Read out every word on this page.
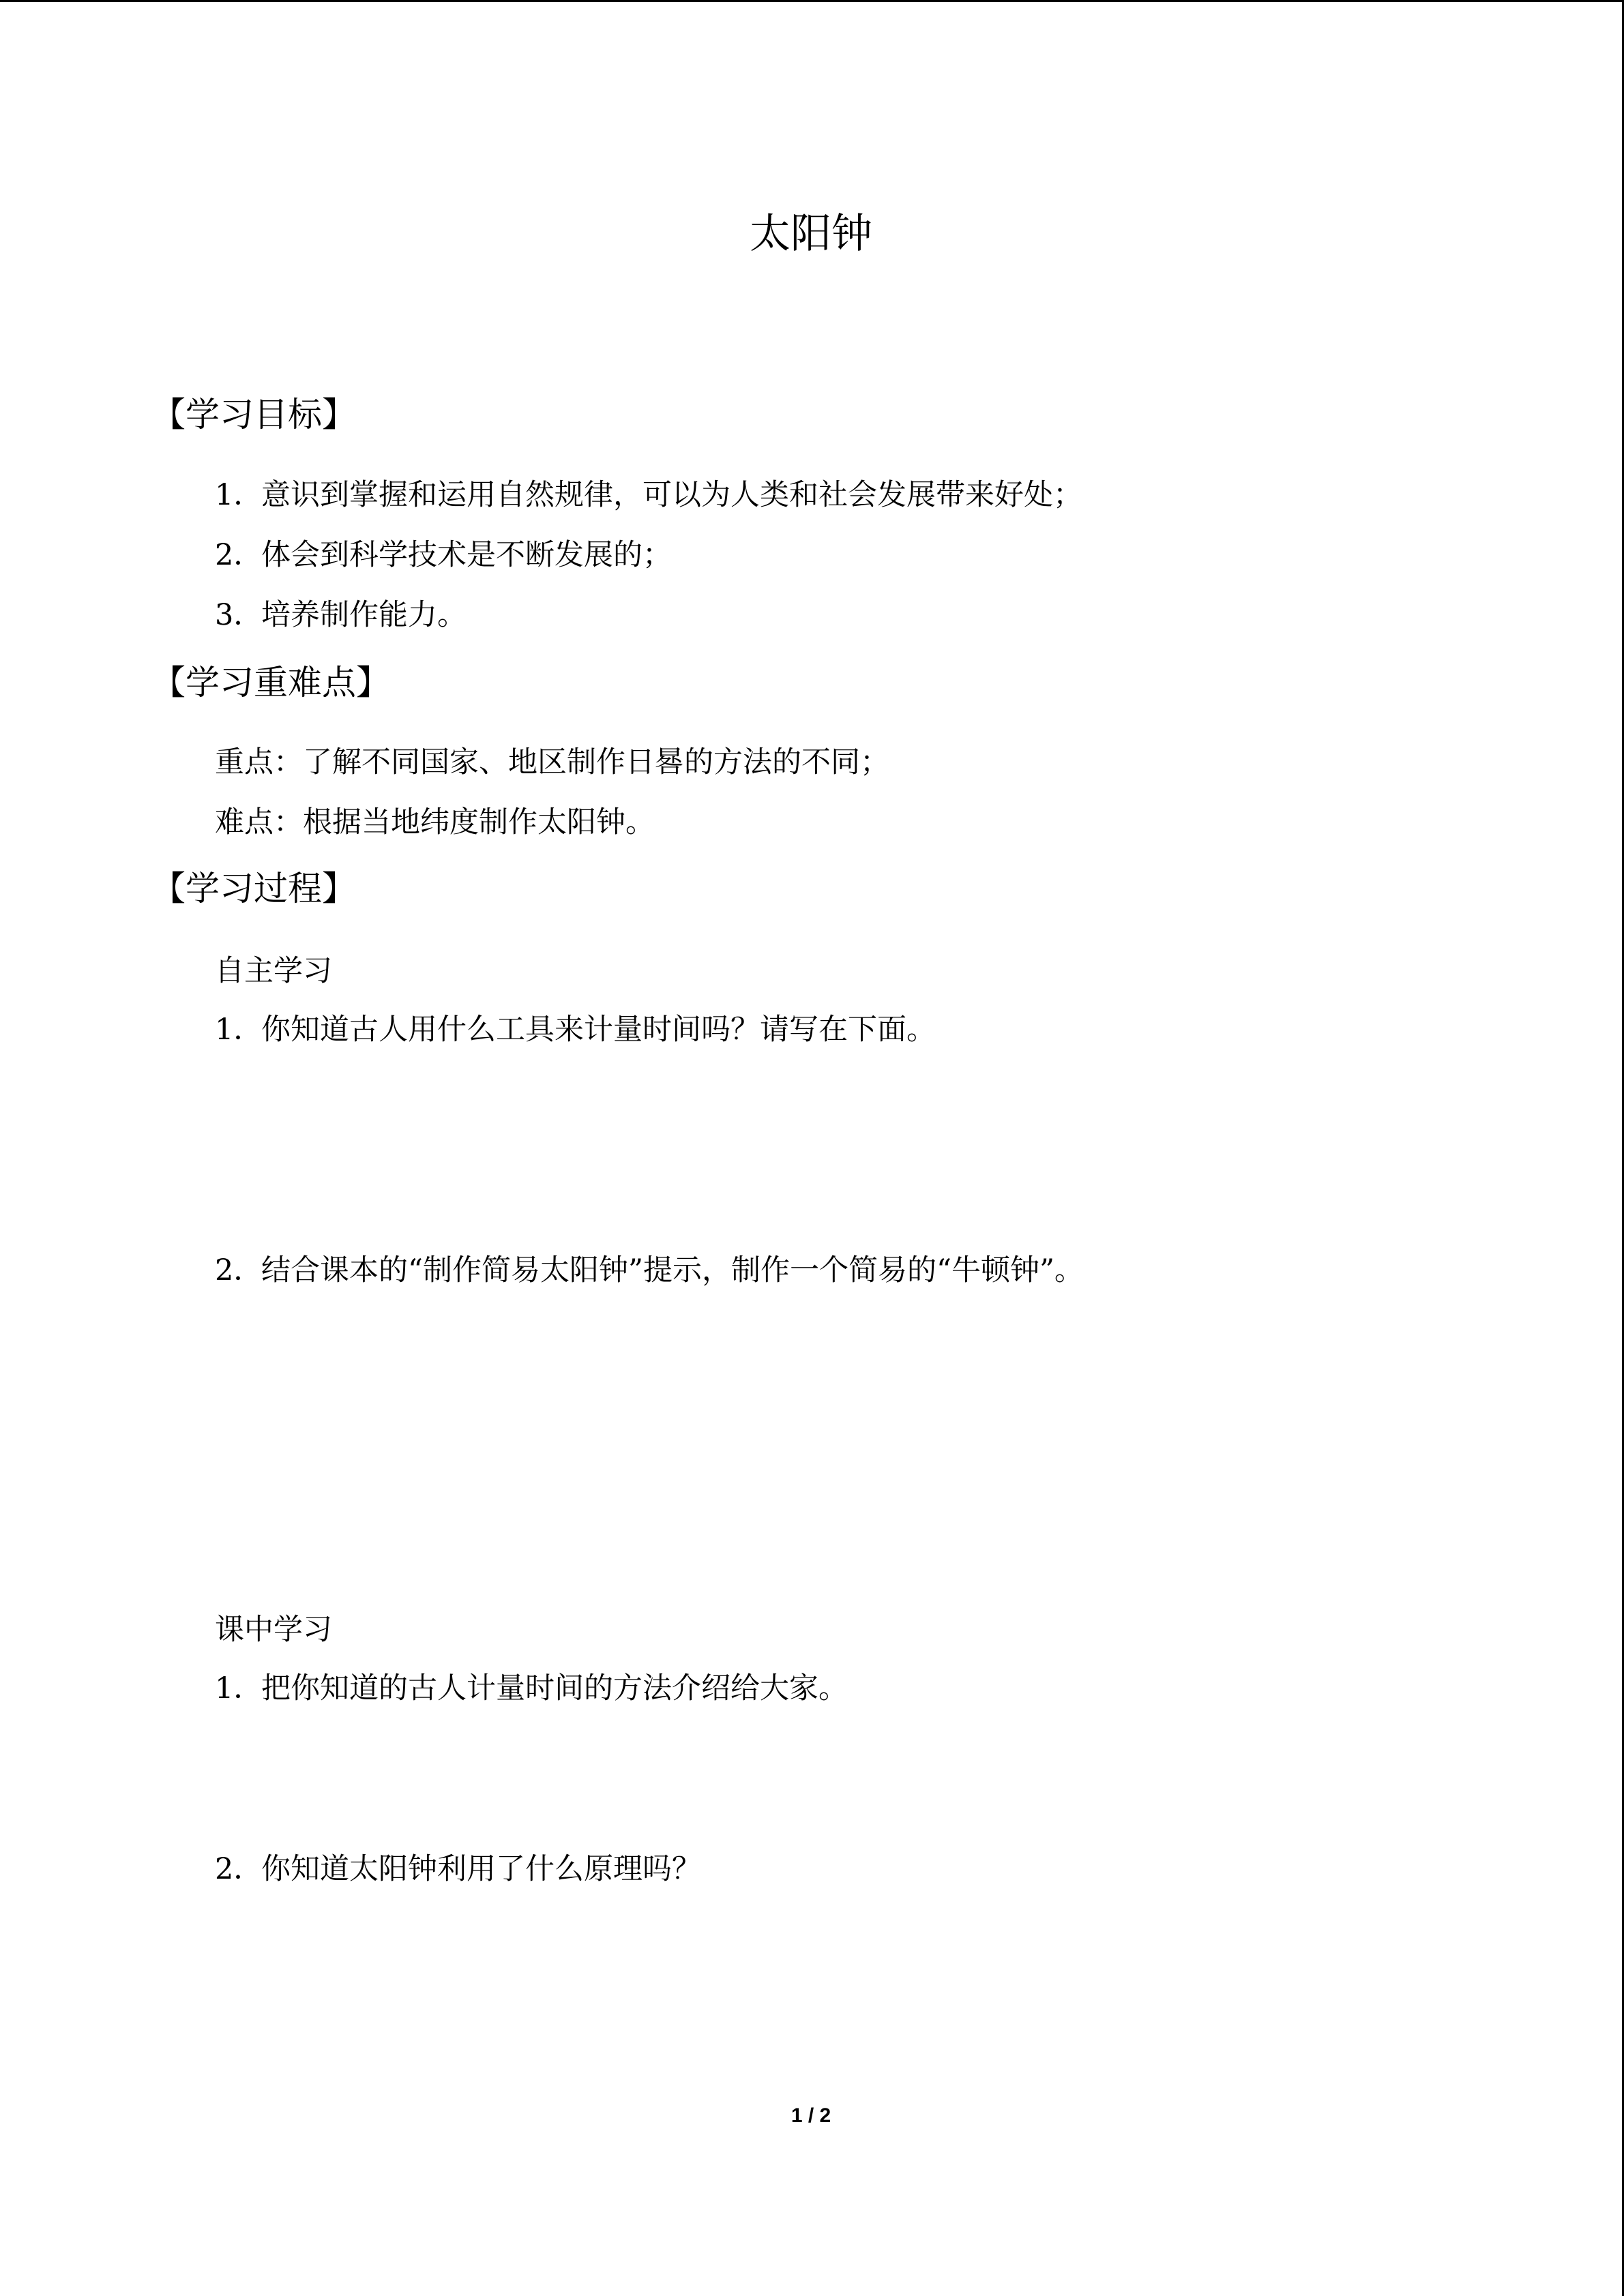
太阳钟
【学习目标】
1．意识到掌握和运用自然规律，可以为人类和社会发展带来好处；
2．体会到科学技术是不断发展的；
3．培养制作能力。
【学习重难点】
重点：了解不同国家、地区制作日晷的方法的不同；
难点：根据当地纬度制作太阳钟。
【学习过程】
自主学习
1．你知道古人用什么工具来计量时间吗？请写在下面。
2．结合课本的“制作简易太阳钟”提示，制作一个简易的“牛顿钟”。
课中学习
1．把你知道的古人计量时间的方法介绍给大家。
2．你知道太阳钟利用了什么原理吗？
1 / 2
